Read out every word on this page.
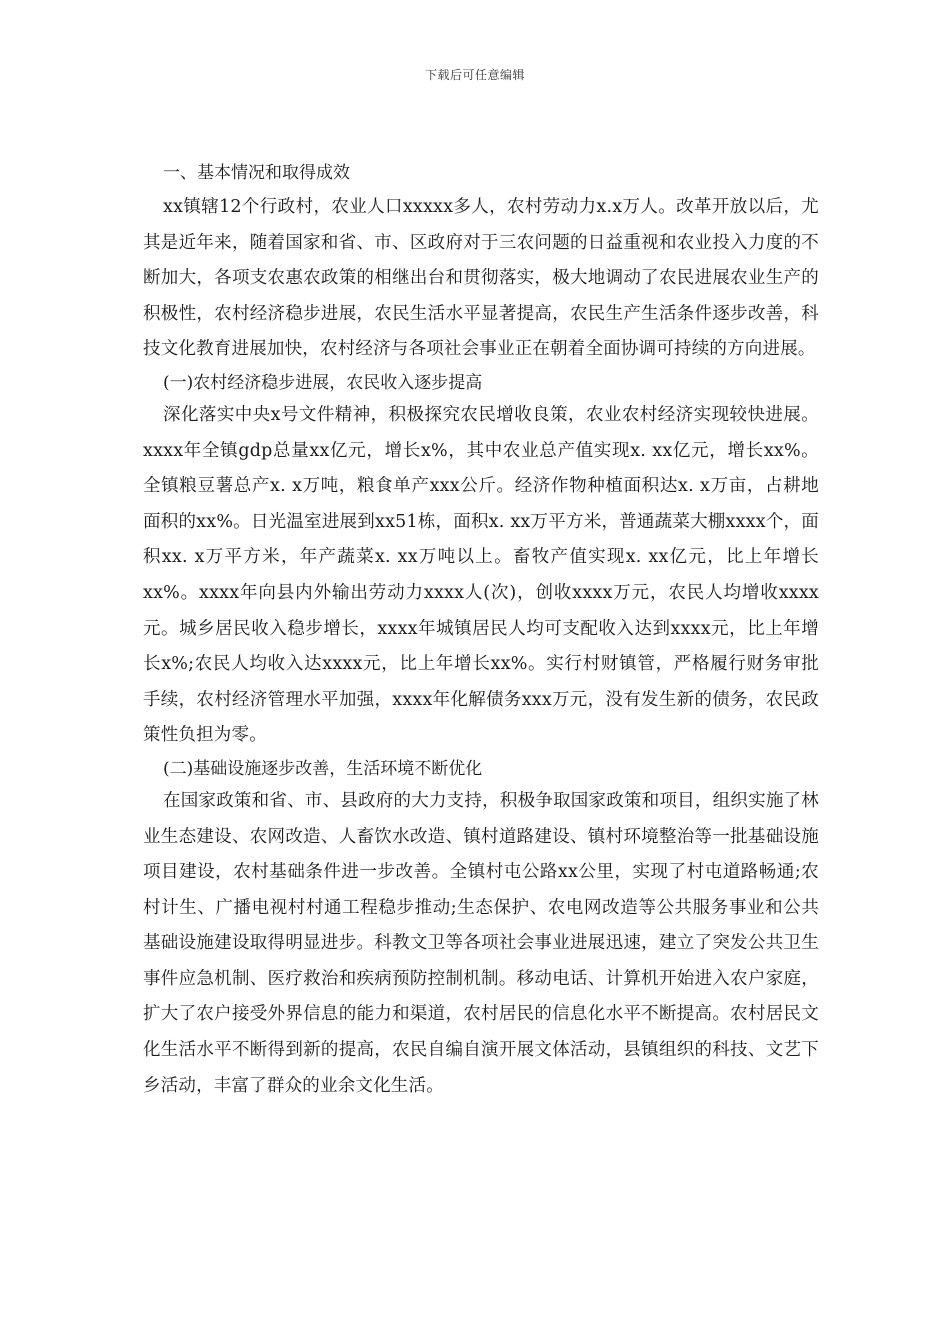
下载后可任意编辑
一、基本情况和取得成效

xx镇辖12个行政村，农业人口xxxxx多人，农村劳动力x.x万人。改革开放以后，尤其是近年来，随着国家和省、市、区政府对于三农问题的日益重视和农业投入力度的不断加大，各项支农惠农政策的相继出台和贯彻落实，极大地调动了农民进展农业生产的积极性，农村经济稳步进展，农民生活水平显著提高，农民生产生活条件逐步改善，科技文化教育进展加快，农村经济与各项社会事业正在朝着全面协调可持续的方向进展。

(一)农村经济稳步进展，农民收入逐步提高

深化落实中央x号文件精神，积极探究农民增收良策，农业农村经济实现较快进展。xxxx年全镇gdp总量xx亿元，增长x%，其中农业总产值实现x. xx亿元，增长xx%。全镇粮豆薯总产x. x万吨，粮食单产xxx公斤。经济作物种植面积达x. x万亩，占耕地面积的xx%。日光温室进展到xx51栋，面积x. xx万平方米，普通蔬菜大棚xxxx个，面积xx. x万平方米，年产蔬菜x. xx万吨以上。畜牧产值实现x. xx亿元，比上年增长xx%。xxxx年向县内外输出劳动力xxxx人(次)，创收xxxx万元，农民人均增收xxxx元。城乡居民收入稳步增长，xxxx年城镇居民人均可支配收入达到xxxx元，比上年增长x%;农民人均收入达xxxx元，比上年增长xx%。实行村财镇管，严格履行财务审批手续，农村经济管理水平加强，xxxx年化解债务xxx万元，没有发生新的债务，农民政策性负担为零。

(二)基础设施逐步改善，生活环境不断优化

在国家政策和省、市、县政府的大力支持，积极争取国家政策和项目，组织实施了林业生态建设、农网改造、人畜饮水改造、镇村道路建设、镇村环境整治等一批基础设施项目建设，农村基础条件进一步改善。全镇村屯公路xx公里，实现了村屯道路畅通;农村计生、广播电视村村通工程稳步推动;生态保护、农电网改造等公共服务事业和公共基础设施建设取得明显进步。科教文卫等各项社会事业进展迅速，建立了突发公共卫生事件应急机制、医疗救治和疾病预防控制机制。移动电话、计算机开始进入农户家庭，扩大了农户接受外界信息的能力和渠道，农村居民的信息化水平不断提高。农村居民文化生活水平不断得到新的提高，农民自编自演开展文体活动，县镇组织的科技、文艺下乡活动，丰富了群众的业余文化生活。
